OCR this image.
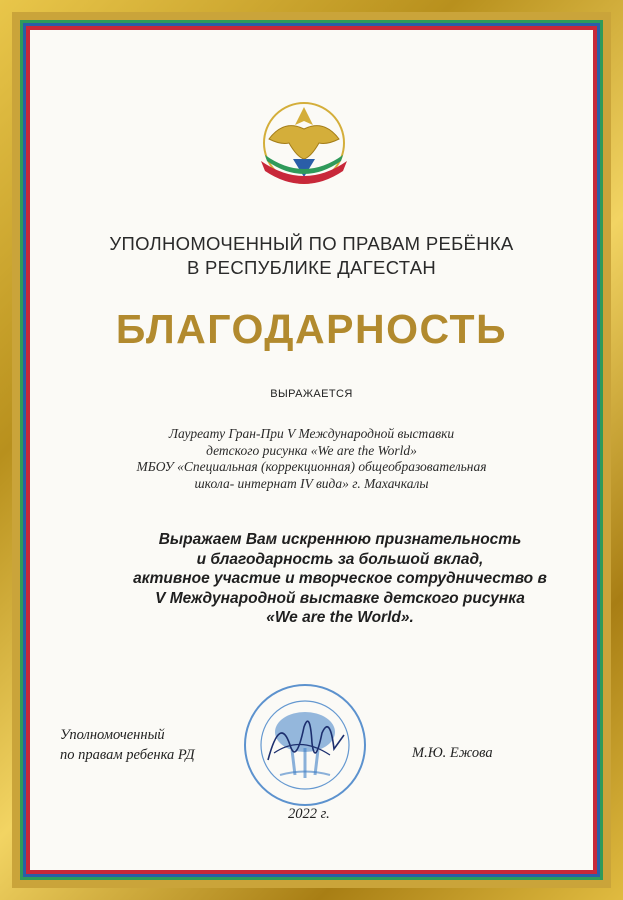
УПОЛНОМОЧЕННЫЙ ПО ПРАВАМ РЕБЁНКА
В РЕСПУБЛИКЕ ДАГЕСТАН
БЛАГОДАРНОСТЬ
ВЫРАЖАЕТСЯ
Лауреату Гран-При V Международной выставки
детского рисунка «We are the World»
МБОУ «Специальная (коррекционная) общеобразовательная
школа- интернат IV вида» г. Махачкалы
Выражаем Вам искреннюю признательность
и благодарность за большой вклад,
активное участие и творческое сотрудничество в
V Международной выставке детского рисунка
«We are the World».
Уполномоченный
по правам ребенка РД	М.Ю. Ежова
2022 г.
